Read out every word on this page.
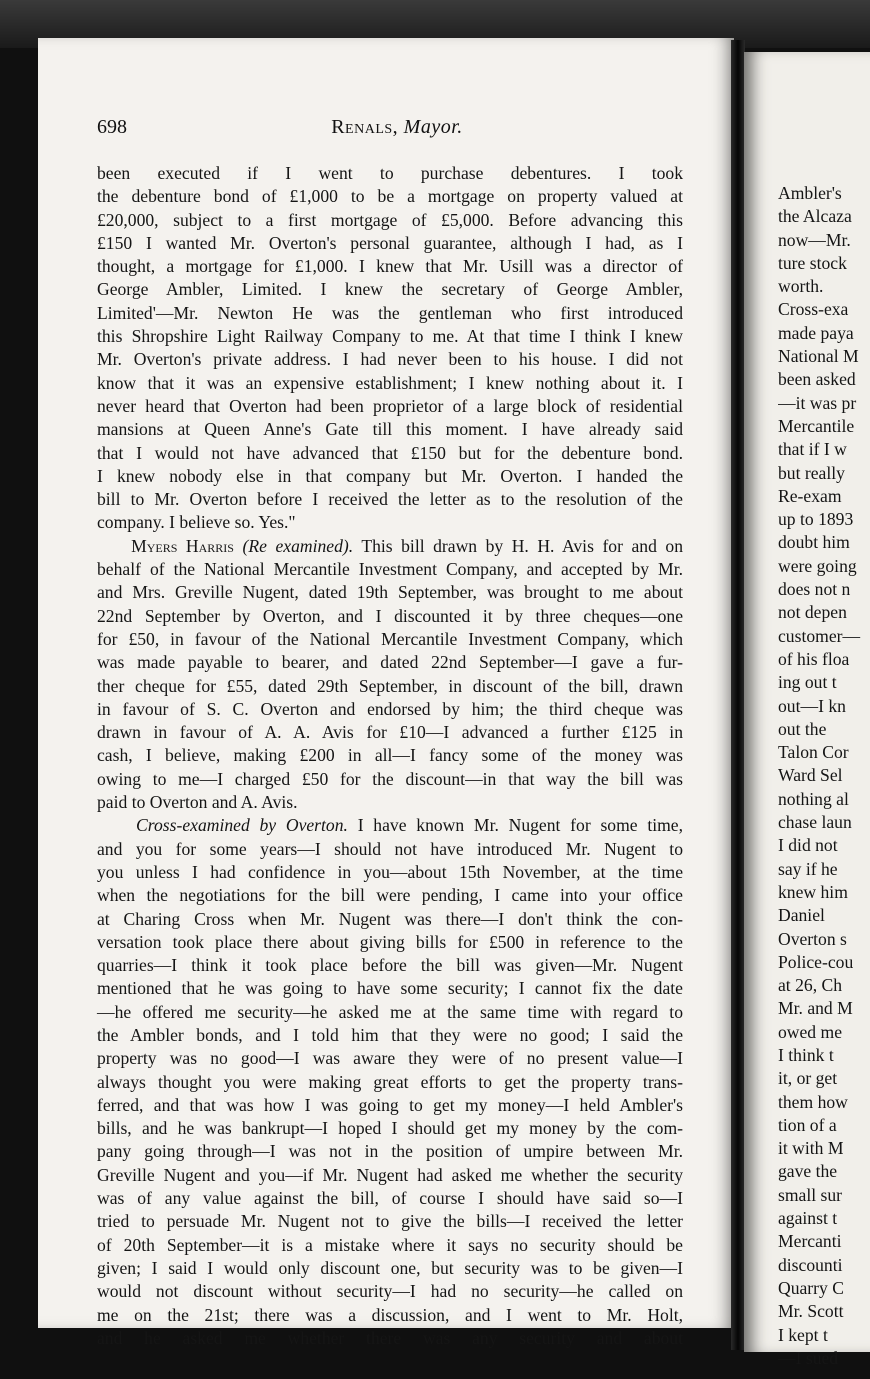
698	Renals, Mayor.
been executed if I went to purchase debentures. I took
the debenture bond of £1,000 to be a mortgage on property valued at
£20,000, subject to a first mortgage of £5,000. Before advancing this
£150 I wanted Mr. Overton's personal guarantee, although I had, as I
thought, a mortgage for £1,000. I knew that Mr. Usill was a director of
George Ambler, Limited. I knew the secretary of George Ambler,
Limited'—Mr. Newton He was the gentleman who first introduced
this Shropshire Light Railway Company to me. At that time I think I knew
Mr. Overton's private address. I had never been to his house. I did not
know that it was an expensive establishment; I knew nothing about it. I
never heard that Overton had been proprietor of a large block of residential
mansions at Queen Anne's Gate till this moment. I have already said
that I would not have advanced that £150 but for the debenture bond.
I knew nobody else in that company but Mr. Overton. I handed the
bill to Mr. Overton before I received the letter as to the resolution of the
company. I believe so. Yes."
Myers Harris (Re examined). This bill drawn by H. H. Avis for and on
behalf of the National Mercantile Investment Company, and accepted by Mr.
and Mrs. Greville Nugent, dated 19th September, was brought to me about
22nd September by Overton, and I discounted it by three cheques—one
for £50, in favour of the National Mercantile Investment Company, which
was made payable to bearer, and dated 22nd September—I gave a fur-
ther cheque for £55, dated 29th September, in discount of the bill, drawn
in favour of S. C. Overton and endorsed by him; the third cheque was
drawn in favour of A. A. Avis for £10—I advanced a further £125 in
cash, I believe, making £200 in all—I fancy some of the money was
owing to me—I charged £50 for the discount—in that way the bill was
paid to Overton and A. Avis.
Cross-examined by Overton. I have known Mr. Nugent for some time,
and you for some years—I should not have introduced Mr. Nugent to
you unless I had confidence in you—about 15th November, at the time
when the negotiations for the bill were pending, I came into your office
at Charing Cross when Mr. Nugent was there—I don't think the con-
versation took place there about giving bills for £500 in reference to the
quarries—I think it took place before the bill was given—Mr. Nugent
mentioned that he was going to have some security; I cannot fix the date
—he offered me security—he asked me at the same time with regard to
the Ambler bonds, and I told him that they were no good; I said the
property was no good—I was aware they were of no present value—I
always thought you were making great efforts to get the property trans-
ferred, and that was how I was going to get my money—I held Ambler's
bills, and he was bankrupt—I hoped I should get my money by the com-
pany going through—I was not in the position of umpire between Mr.
Greville Nugent and you—if Mr. Nugent had asked me whether the security
was of any value against the bill, of course I should have said so—I
tried to persuade Mr. Nugent not to give the bills—I received the letter
of 20th September—it is a mistake where it says no security should be
given; I said I would only discount one, but security was to be given—I
would not discount without security—I had no security—he called on
me on the 21st; there was a discussion, and I went to Mr. Holt,
and he asked me whether there was any security and about
Ambler's
the Alcaza
now—Mr.
ture stock
worth.
Cross-exa
made paya
National M
been asked
—it was pr
Mercantile
that if I w
but really
Re-exam
up to 1893
doubt him
were going
does not n
not depen
customer—
of his floa
ing out t
out—I kn
out the
Talon Cor
Ward Sel
nothing al
chase laun
I did not
say if he
knew him
Daniel
Overton s
Police-cou
at 26, Ch
Mr. and M
owed me
I think t
it, or get
them how
tion of a
it with M
gave the
small sur
against t
Mercanti
discounti
Quarry C
Mr. Scott
I kept t
—I sued
